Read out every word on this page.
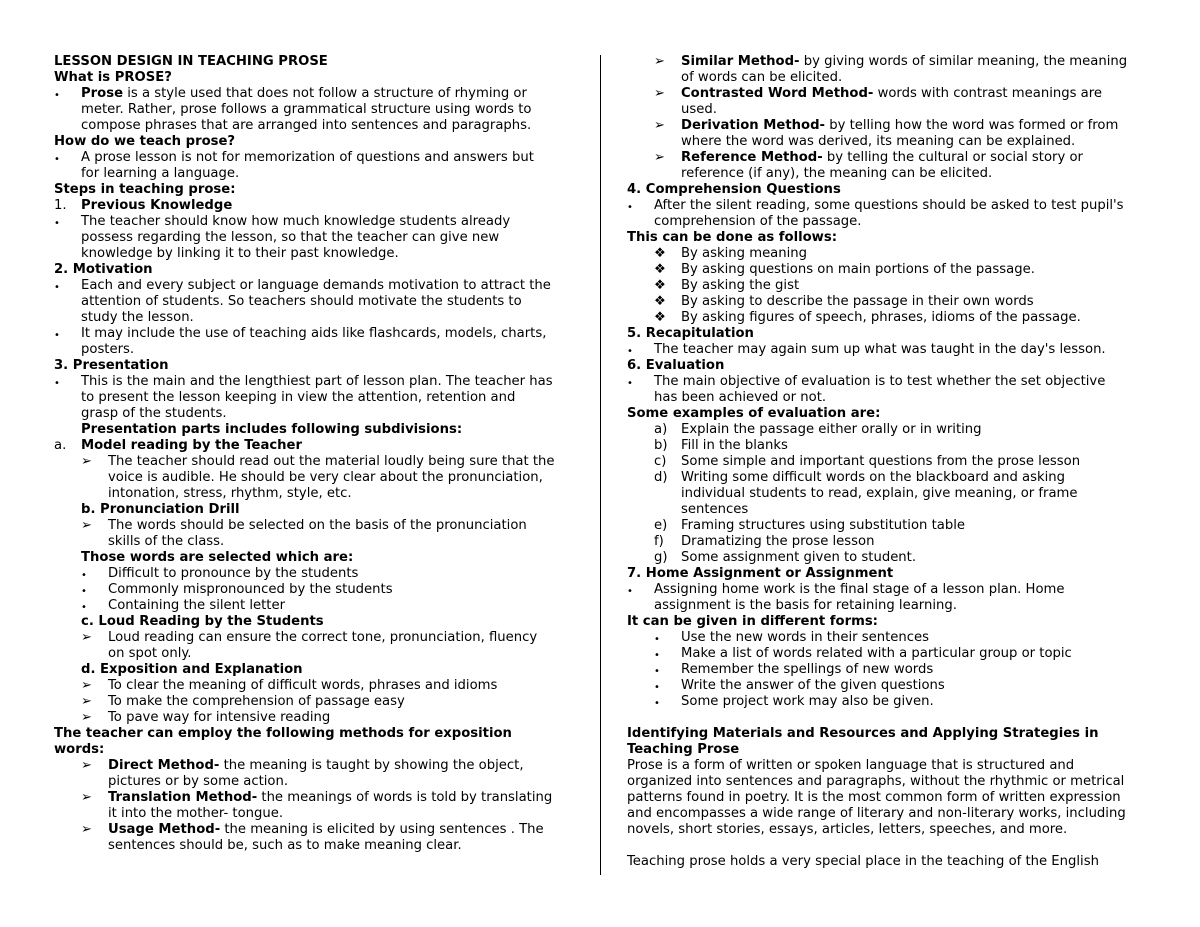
LESSON DESIGN IN TEACHING PROSE
What is PROSE?
• Prose is a style used that does not follow a structure of rhyming or
meter. Rather, prose follows a grammatical structure using words to
compose phrases that are arranged into sentences and paragraphs.
How do we teach prose?
• A prose lesson is not for memorization of questions and answers but
for learning a language.
Steps in teaching prose:
1. Previous Knowledge
• The teacher should know how much knowledge students already
possess regarding the lesson, so that the teacher can give new
knowledge by linking it to their past knowledge.
2. Motivation
• Each and every subject or language demands motivation to attract the
attention of students. So teachers should motivate the students to
study the lesson.
• It may include the use of teaching aids like flashcards, models, charts,
posters.
3. Presentation
• This is the main and the lengthiest part of lesson plan. The teacher has
to present the lesson keeping in view the attention, retention and
grasp of the students.
Presentation parts includes following subdivisions:
a. Model reading by the Teacher
➢ The teacher should read out the material loudly being sure that the
voice is audible. He should be very clear about the pronunciation,
intonation, stress, rhythm, style, etc.
b. Pronunciation Drill
➢ The words should be selected on the basis of the pronunciation
skills of the class.
Those words are selected which are:
• Difficult to pronounce by the students
• Commonly mispronounced by the students
• Containing the silent letter
c. Loud Reading by the Students
➢ Loud reading can ensure the correct tone, pronunciation, fluency
on spot only.
d. Exposition and Explanation
➢ To clear the meaning of difficult words, phrases and idioms
➢ To make the comprehension of passage easy
➢ To pave way for intensive reading
The teacher can employ the following methods for exposition
words:
➢ Direct Method- the meaning is taught by showing the object,
pictures or by some action.
➢ Translation Method- the meanings of words is told by translating
it into the mother- tongue.
➢ Usage Method- the meaning is elicited by using sentences . The
sentences should be, such as to make meaning clear.
➢ Similar Method- by giving words of similar meaning, the meaning
of words can be elicited.
➢ Contrasted Word Method- words with contrast meanings are
used.
➢ Derivation Method- by telling how the word was formed or from
where the word was derived, its meaning can be explained.
➢ Reference Method- by telling the cultural or social story or
reference (if any), the meaning can be elicited.
4. Comprehension Questions
• After the silent reading, some questions should be asked to test pupil's
comprehension of the passage.
This can be done as follows:
❖ By asking meaning
❖ By asking questions on main portions of the passage.
❖ By asking the gist
❖ By asking to describe the passage in their own words
❖ By asking figures of speech, phrases, idioms of the passage.
5. Recapitulation
• The teacher may again sum up what was taught in the day's lesson.
6. Evaluation
• The main objective of evaluation is to test whether the set objective
has been achieved or not.
Some examples of evaluation are:
a) Explain the passage either orally or in writing
b) Fill in the blanks
c) Some simple and important questions from the prose lesson
d) Writing some difficult words on the blackboard and asking
individual students to read, explain, give meaning, or frame
sentences
e) Framing structures using substitution table
f) Dramatizing the prose lesson
g) Some assignment given to student.
7. Home Assignment or Assignment
• Assigning home work is the final stage of a lesson plan. Home
assignment is the basis for retaining learning.
It can be given in different forms:
• Use the new words in their sentences
• Make a list of words related with a particular group or topic
• Remember the spellings of new words
• Write the answer of the given questions
• Some project work may also be given.
Identifying Materials and Resources and Applying Strategies in
Teaching Prose
Prose is a form of written or spoken language that is structured and
organized into sentences and paragraphs, without the rhythmic or metrical
patterns found in poetry. It is the most common form of written expression
and encompasses a wide range of literary and non-literary works, including
novels, short stories, essays, articles, letters, speeches, and more.
Teaching prose holds a very special place in the teaching of the English
